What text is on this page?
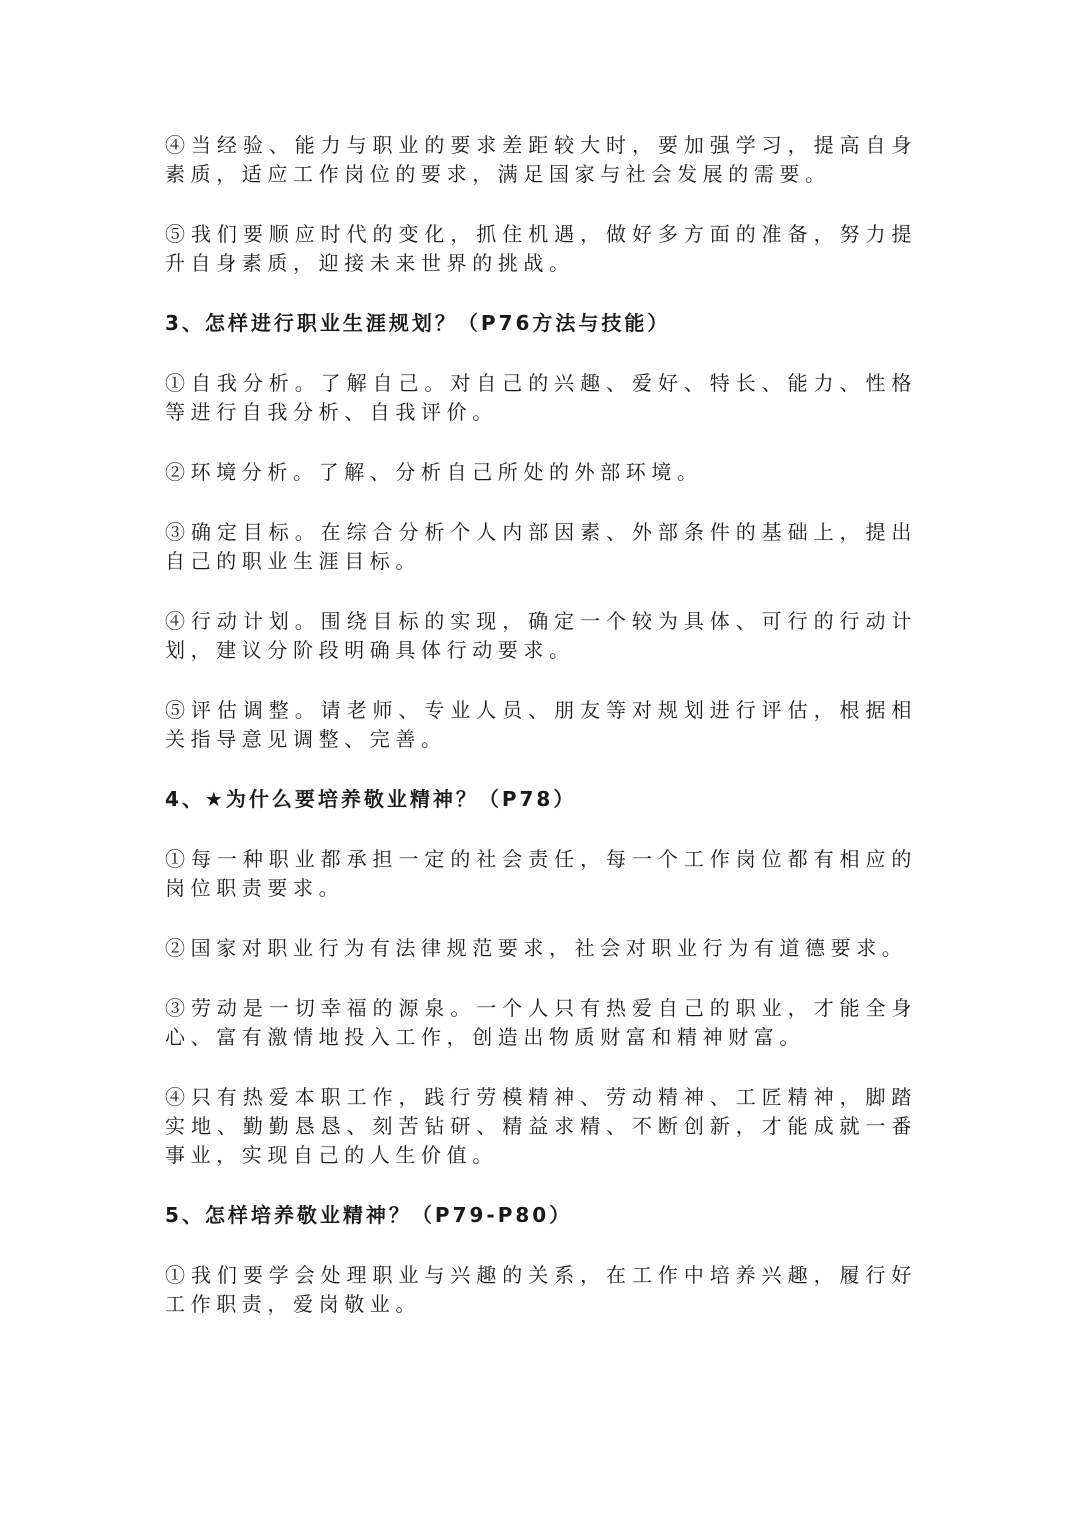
④当经验、能力与职业的要求差距较大时，要加强学习，提高自身素质，适应工作岗位的要求，满足国家与社会发展的需要。

⑤我们要顺应时代的变化，抓住机遇，做好多方面的准备，努力提升自身素质，迎接未来世界的挑战。

3、怎样进行职业生涯规划？（P76方法与技能）

①自我分析。了解自己。对自己的兴趣、爱好、特长、能力、性格等进行自我分析、自我评价。

②环境分析。了解、分析自己所处的外部环境。

③确定目标。在综合分析个人内部因素、外部条件的基础上，提出自己的职业生涯目标。

④行动计划。围绕目标的实现，确定一个较为具体、可行的行动计划，建议分阶段明确具体行动要求。

⑤评估调整。请老师、专业人员、朋友等对规划进行评估，根据相关指导意见调整、完善。

4、★为什么要培养敬业精神？（P78）

①每一种职业都承担一定的社会责任，每一个工作岗位都有相应的岗位职责要求。

②国家对职业行为有法律规范要求，社会对职业行为有道德要求。

③劳动是一切幸福的源泉。一个人只有热爱自己的职业，才能全身心、富有激情地投入工作，创造出物质财富和精神财富。

④只有热爱本职工作，践行劳模精神、劳动精神、工匠精神，脚踏实地、勤勤恳恳、刻苦钻研、精益求精、不断创新，才能成就一番事业，实现自己的人生价值。

5、怎样培养敬业精神？（P79-P80）

①我们要学会处理职业与兴趣的关系，在工作中培养兴趣，履行好工作职责，爱岗敬业。
